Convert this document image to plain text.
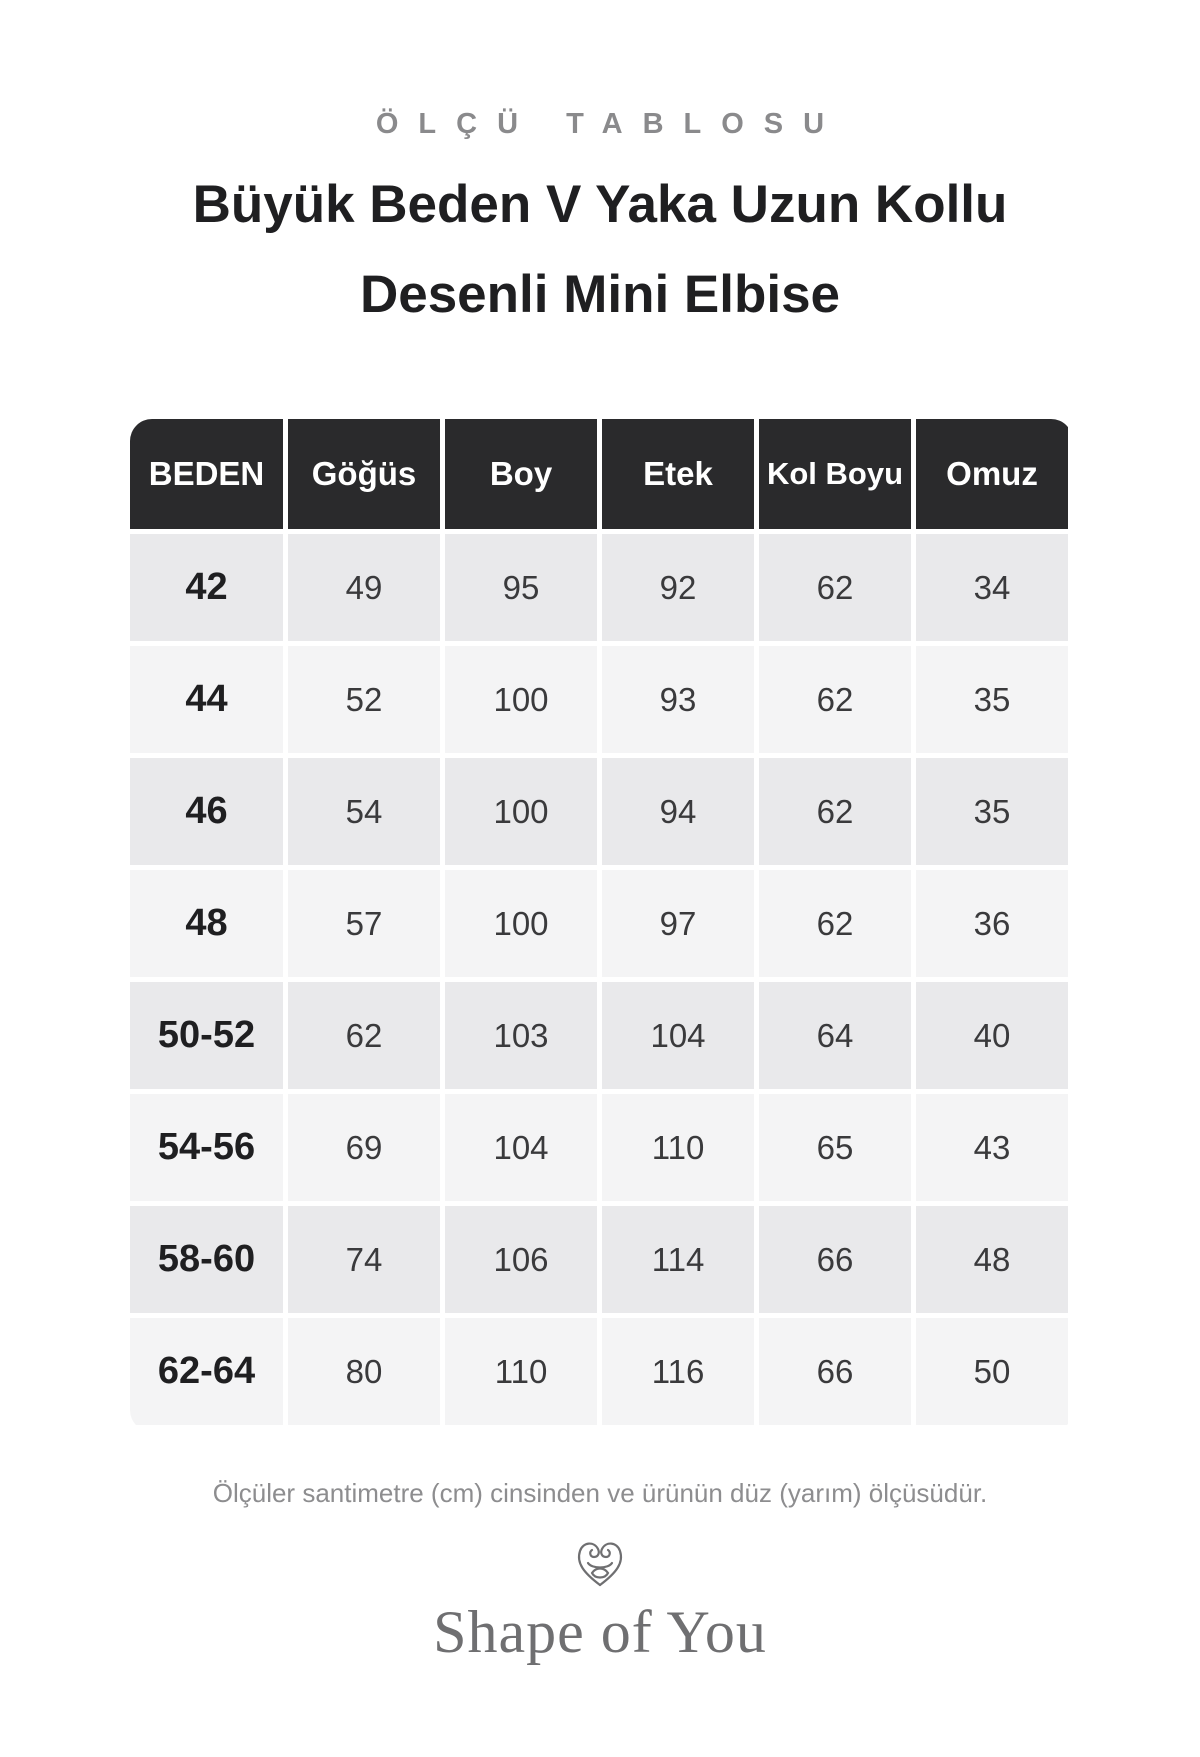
ÖLÇÜ TABLOSU
Büyük Beden V Yaka Uzun Kollu
Desenli Mini Elbise
BEDEN	Göğüs	Boy	Etek	Kol Boyu	Omuz
42	49	95	92	62	34
44	52	100	93	62	35
46	54	100	94	62	35
48	57	100	97	62	36
50-52	62	103	104	64	40
54-56	69	104	110	65	43
58-60	74	106	114	66	48
62-64	80	110	116	66	50
Ölçüler santimetre (cm) cinsinden ve ürünün düz (yarım) ölçüsüdür.
Shape of You
